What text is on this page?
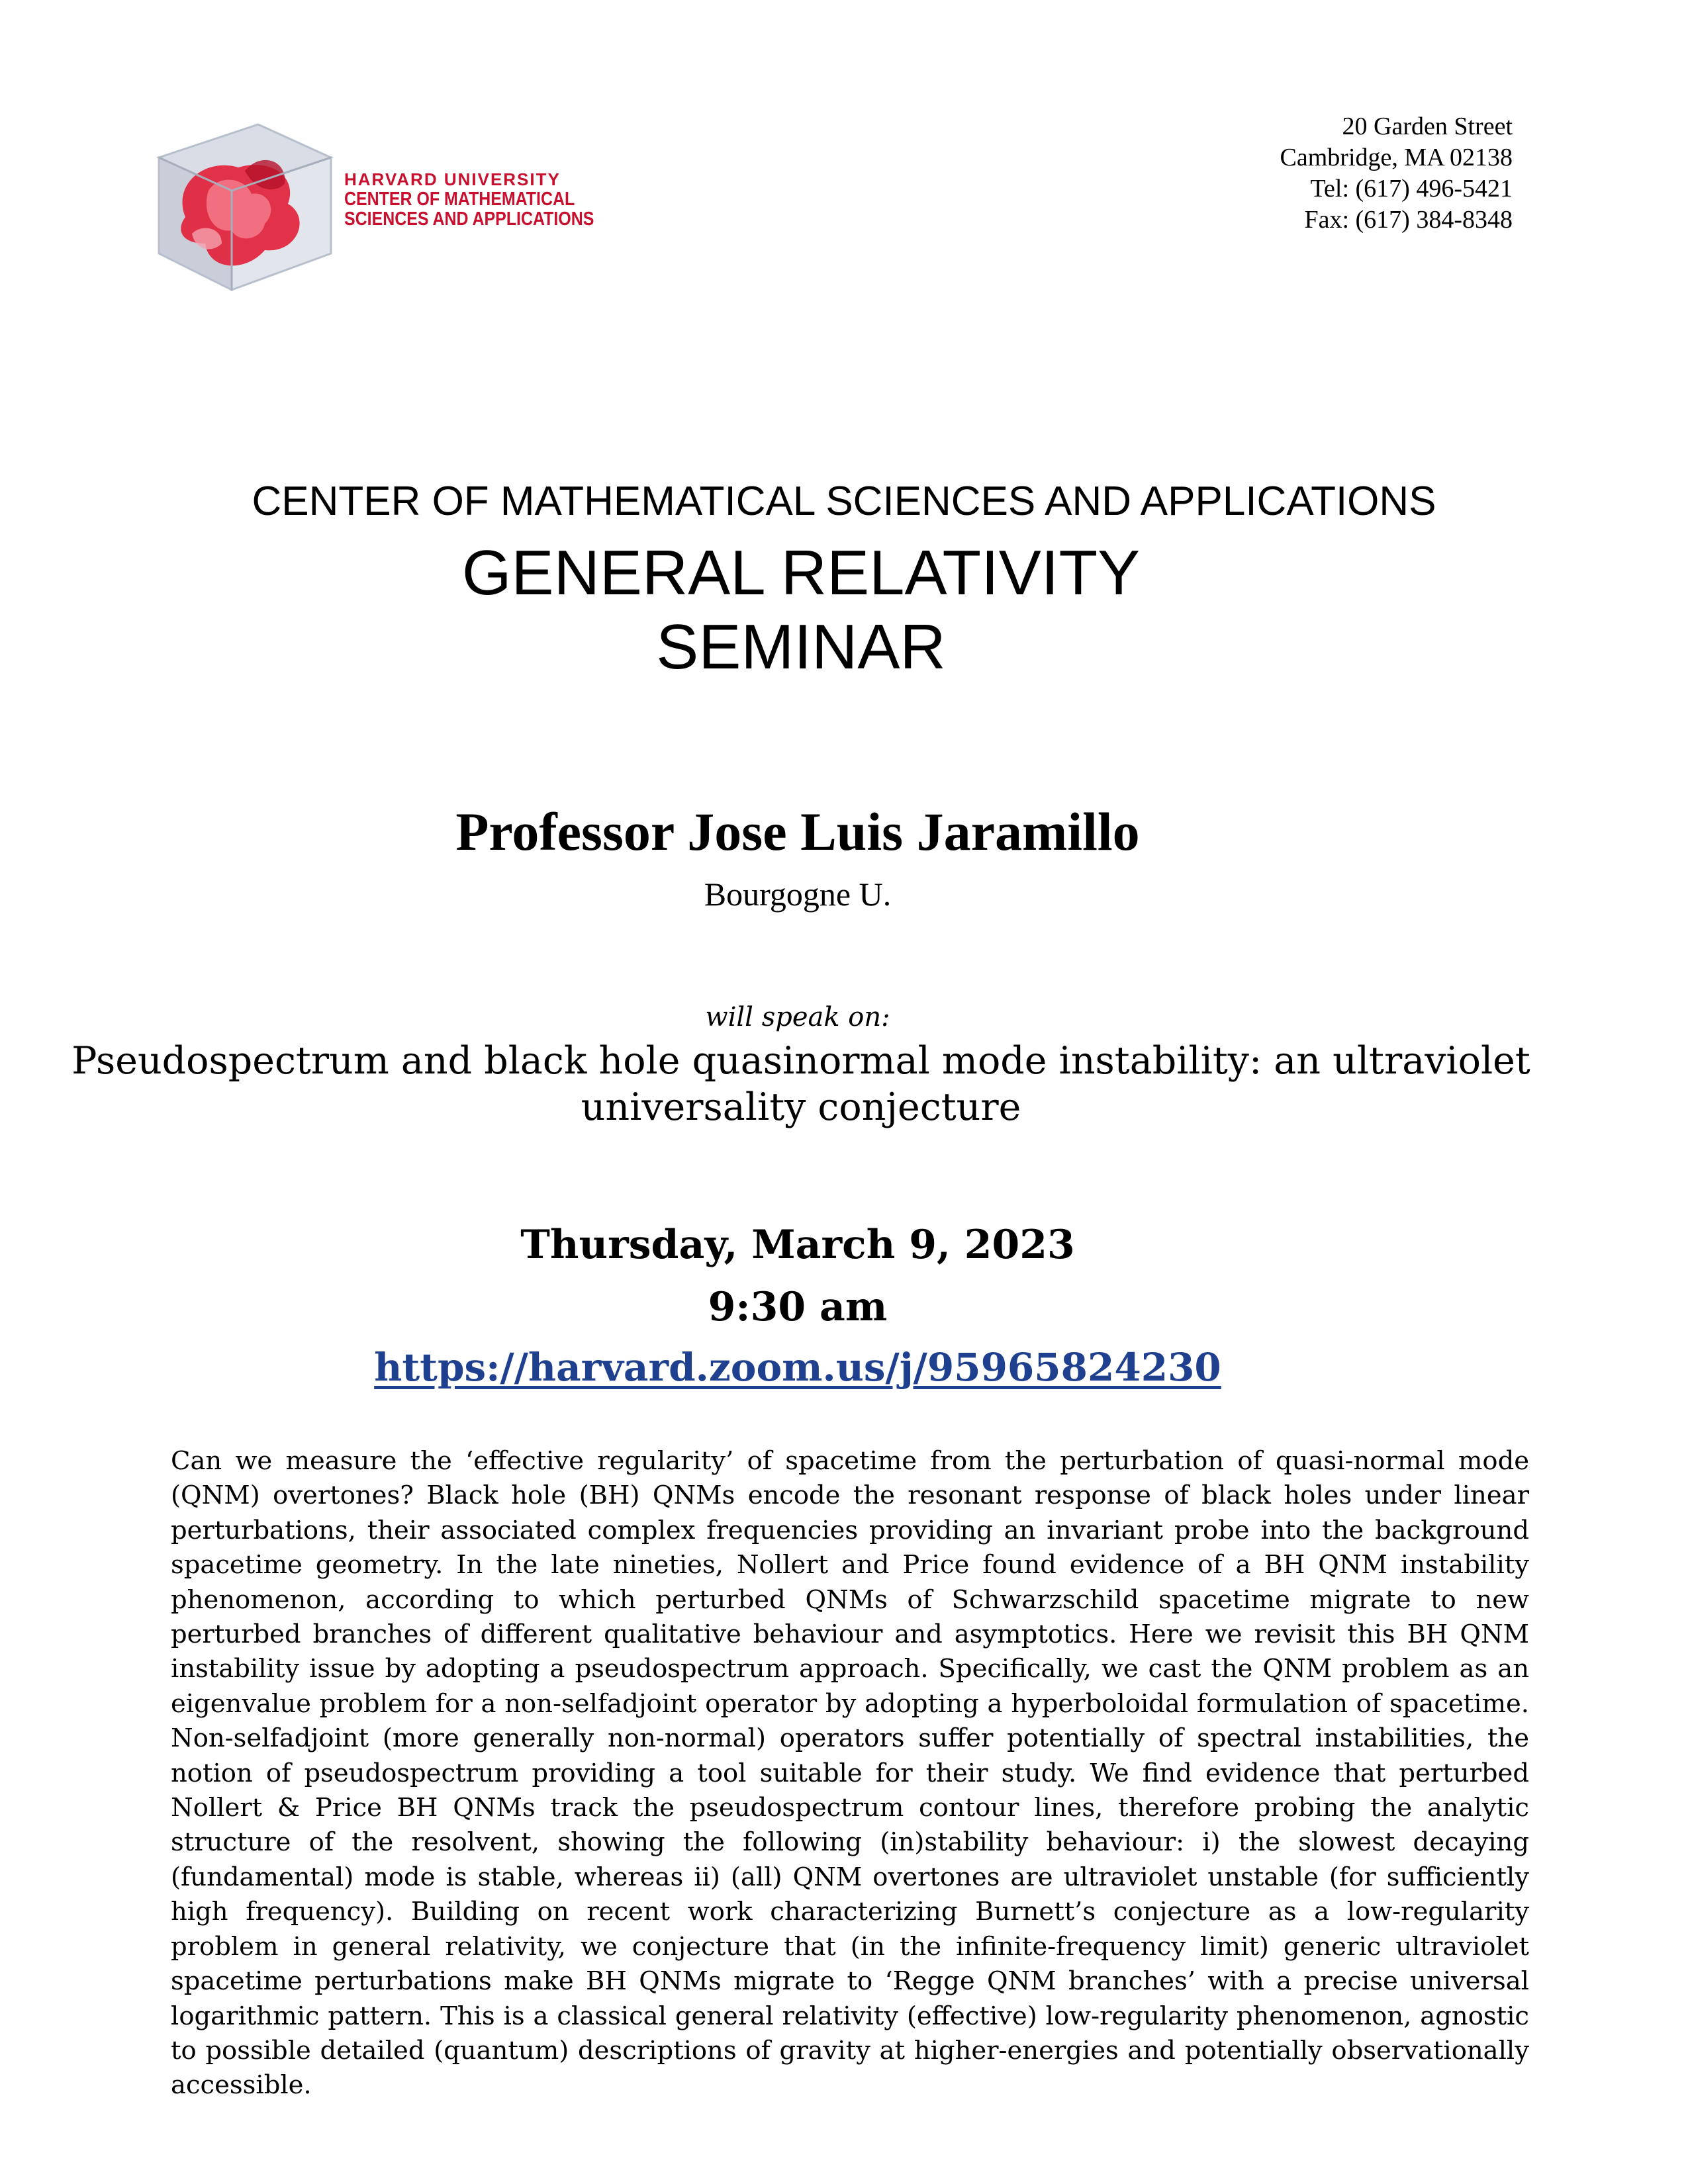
HARVARD UNIVERSITY
CENTER OF MATHEMATICAL
SCIENCES AND APPLICATIONS
20 Garden Street
Cambridge, MA 02138
Tel: (617) 496-5421
Fax: (617) 384-8348
CENTER OF MATHEMATICAL SCIENCES AND APPLICATIONS
GENERAL RELATIVITY
SEMINAR
Professor Jose Luis Jaramillo
Bourgogne U.
will speak on:
Pseudospectrum and black hole quasinormal mode instability: an ultraviolet
universality conjecture
Thursday, March 9, 2023
9:30 am
https://harvard.zoom.us/j/95965824230
Can we measure the ‘effective regularity’ of spacetime from the perturbation of quasi-normal mode (QNM) overtones? Black hole (BH) QNMs encode the resonant response of black holes under linear perturbations, their associated complex frequencies providing an invariant probe into the background spacetime geometry. In the late nineties, Nollert and Price found evidence of a BH QNM instability phenomenon, according to which perturbed QNMs of Schwarzschild spacetime migrate to new perturbed branches of different qualitative behaviour and asymptotics. Here we revisit this BH QNM instability issue by adopting a pseudospectrum approach. Specifically, we cast the QNM problem as an eigenvalue problem for a non-selfadjoint operator by adopting a hyperboloidal formulation of spacetime. Non-selfadjoint (more generally non-normal) operators suffer potentially of spectral instabilities, the notion of pseudospectrum providing a tool suitable for their study. We find evidence that perturbed Nollert & Price BH QNMs track the pseudospectrum contour lines, therefore probing the analytic structure of the resolvent, showing the following (in)stability behaviour: i) the slowest decaying (fundamental) mode is stable, whereas ii) (all) QNM overtones are ultraviolet unstable (for sufficiently high frequency). Building on recent work characterizing Burnett’s conjecture as a low-regularity problem in general relativity, we conjecture that (in the infinite-frequency limit) generic ultraviolet spacetime perturbations make BH QNMs migrate to ‘Regge QNM branches’ with a precise universal logarithmic pattern. This is a classical general relativity (effective) low-regularity phenomenon, agnostic to possible detailed (quantum) descriptions of gravity at higher-energies and potentially observationally accessible.
